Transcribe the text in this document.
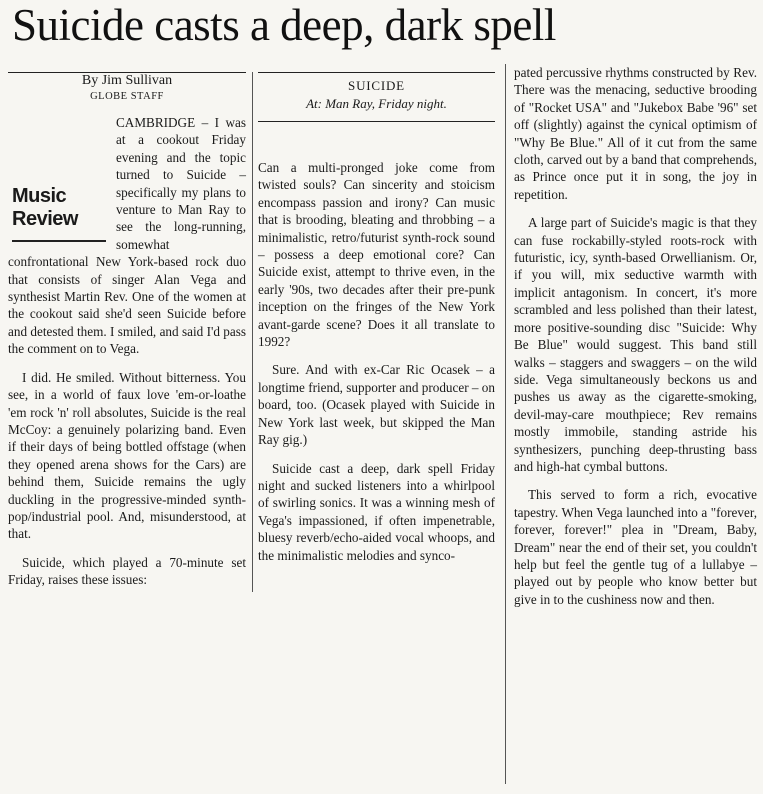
Suicide casts a deep, dark spell
By Jim Sullivan
GLOBE STAFF
SUICIDE
At: Man Ray, Friday night.

CAMBRIDGE – I was at a cookout Friday evening and the topic turned to Suicide – specifically my plans to venture to Man Ray to see the long-running, somewhat confrontational New York-based rock duo that consists of singer Alan Vega and synthesist Martin Rev. One of the women at the cookout said she'd seen Suicide before and detested them. I smiled, and said I'd pass the comment on to Vega.

I did. He smiled. Without bitterness. You see, in a world of faux love 'em-or-loathe 'em rock 'n' roll absolutes, Suicide is the real McCoy: a genuinely polarizing band. Even if their days of being bottled offstage (when they opened arena shows for the Cars) are behind them, Suicide remains the ugly duckling in the progressive-minded synth-pop/industrial pool. And, misunderstood, at that.

Suicide, which played a 70-minute set Friday, raises these issues:

Music
Review

Can a multi-pronged joke come from twisted souls? Can sincerity and stoicism encompass passion and irony? Can music that is brooding, bleating and throbbing – a minimalistic, retro/futurist synth-rock sound – possess a deep emotional core? Can Suicide exist, attempt to thrive even, in the early '90s, two decades after their pre-punk inception on the fringes of the New York avant-garde scene? Does it all translate to 1992?

Sure. And with ex-Car Ric Ocasek – a longtime friend, supporter and producer – on board, too. (Ocasek played with Suicide in New York last week, but skipped the Man Ray gig.)

Suicide cast a deep, dark spell Friday night and sucked listeners into a whirlpool of swirling sonics. It was a winning mesh of Vega's impassioned, if often impenetrable, bluesy reverb/echo-aided vocal whoops, and the minimalistic melodies and synco-

pated percussive rhythms constructed by Rev. There was the menacing, seductive brooding of "Rocket USA" and "Jukebox Babe '96" set off (slightly) against the cynical optimism of "Why Be Blue." All of it cut from the same cloth, carved out by a band that comprehends, as Prince once put it in song, the joy in repetition.

A large part of Suicide's magic is that they can fuse rockabilly-styled roots-rock with futuristic, icy, synth-based Orwellianism. Or, if you will, mix seductive warmth with implicit antagonism. In concert, it's more scrambled and less polished than their latest, more positive-sounding disc "Suicide: Why Be Blue" would suggest. This band still walks – staggers and swaggers – on the wild side. Vega simultaneously beckons us and pushes us away as the cigarette-smoking, devil-may-care mouthpiece; Rev remains mostly immobile, standing astride his synthesizers, punching deep-thrusting bass and high-hat cymbal buttons.

This served to form a rich, evocative tapestry. When Vega launched into a "forever, forever, forever!" plea in "Dream, Baby, Dream" near the end of their set, you couldn't help but feel the gentle tug of a lullabye – played out by people who know better but give in to the cushiness now and then.
